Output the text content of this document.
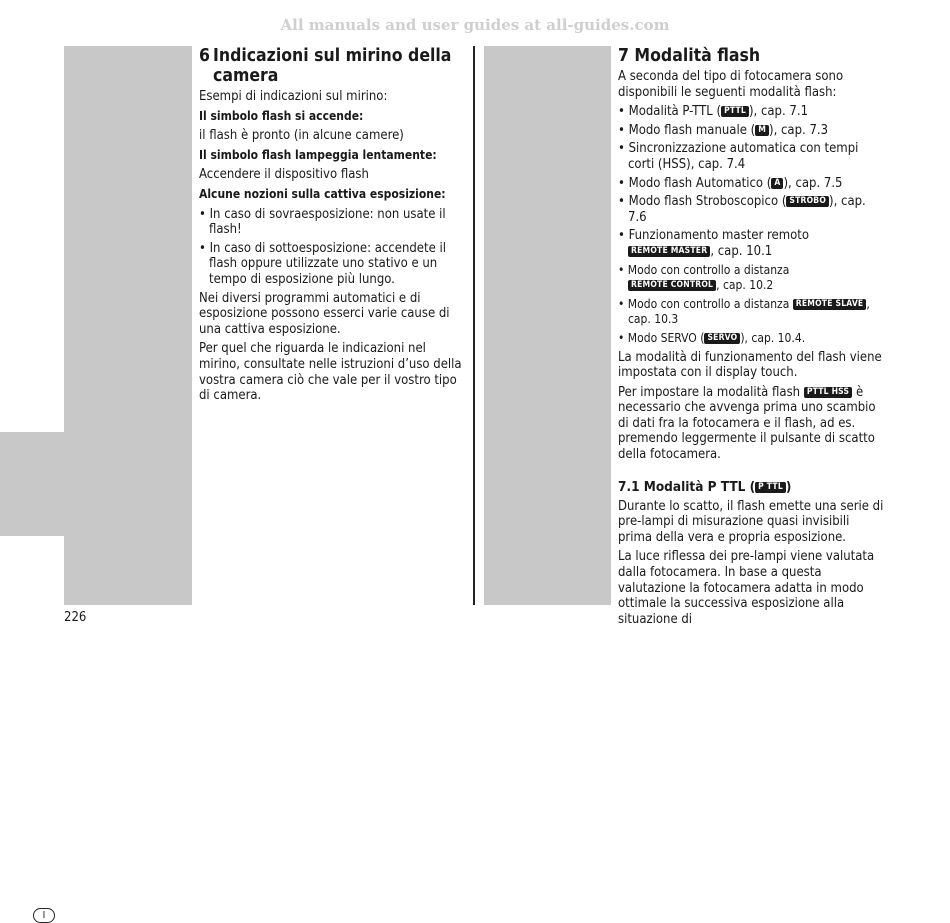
All manuals and user guides at all-guides.com
I
6 Indicazioni sul mirino della
camera

Esempi di indicazioni sul mirino:

Il simbolo flash si accende:

il flash è pronto (in alcune camere)

Il simbolo flash lampeggia lentamente:

Accendere il dispositivo flash

Alcune nozioni sulla cattiva esposizione:

• In caso di sovraesposizione: non usate il flash!
• In caso di sottoesposizione: accendete il flash oppure utilizzate uno stativo e un tempo di esposizione più lungo.

Nei diversi programmi automatici e di esposizione possono esserci varie cause di una cattiva esposizione.

Per quel che riguarda le indicazioni nel mirino, consultate nelle istruzioni d’uso della vostra camera ciò che vale per il vostro tipo di camera.

7 Modalità flash

A seconda del tipo di fotocamera sono disponibili le seguenti modalità flash:

• Modalità P-TTL ( PTTL ), cap. 7.1
• Modo flash manuale ( M ), cap. 7.3
• Sincronizzazione automatica con tempi corti (HSS), cap. 7.4
• Modo flash Automatico ( A ), cap. 7.5
• Modo flash Stroboscopico ( STROBO ), cap. 7.6
• Funzionamento master remoto
REMOTE MASTER , cap. 10.1
• Modo con controllo a distanza
REMOTE CONTROL , cap. 10.2
• Modo con controllo a distanza REMOTE SLAVE , cap. 10.3
• Modo SERVO ( SERVO ), cap. 10.4.

La modalità di funzionamento del flash viene impostata con il display touch.

Per impostare la modalità flash PTTL HSS è necessario che avvenga prima uno scambio di dati fra la fotocamera e il flash, ad es. premendo leggermente il pulsante di scatto della fotocamera.

7.1 Modalità P TTL ( P TTL )

Durante lo scatto, il flash emette una serie di pre-lampi di misurazione quasi invisibili prima della vera e propria esposizione.

La luce riflessa dei pre-lampi viene valutata dalla fotocamera. In base a questa valutazione la fotocamera adatta in modo ottimale la successiva esposizione alla situazione di

226
